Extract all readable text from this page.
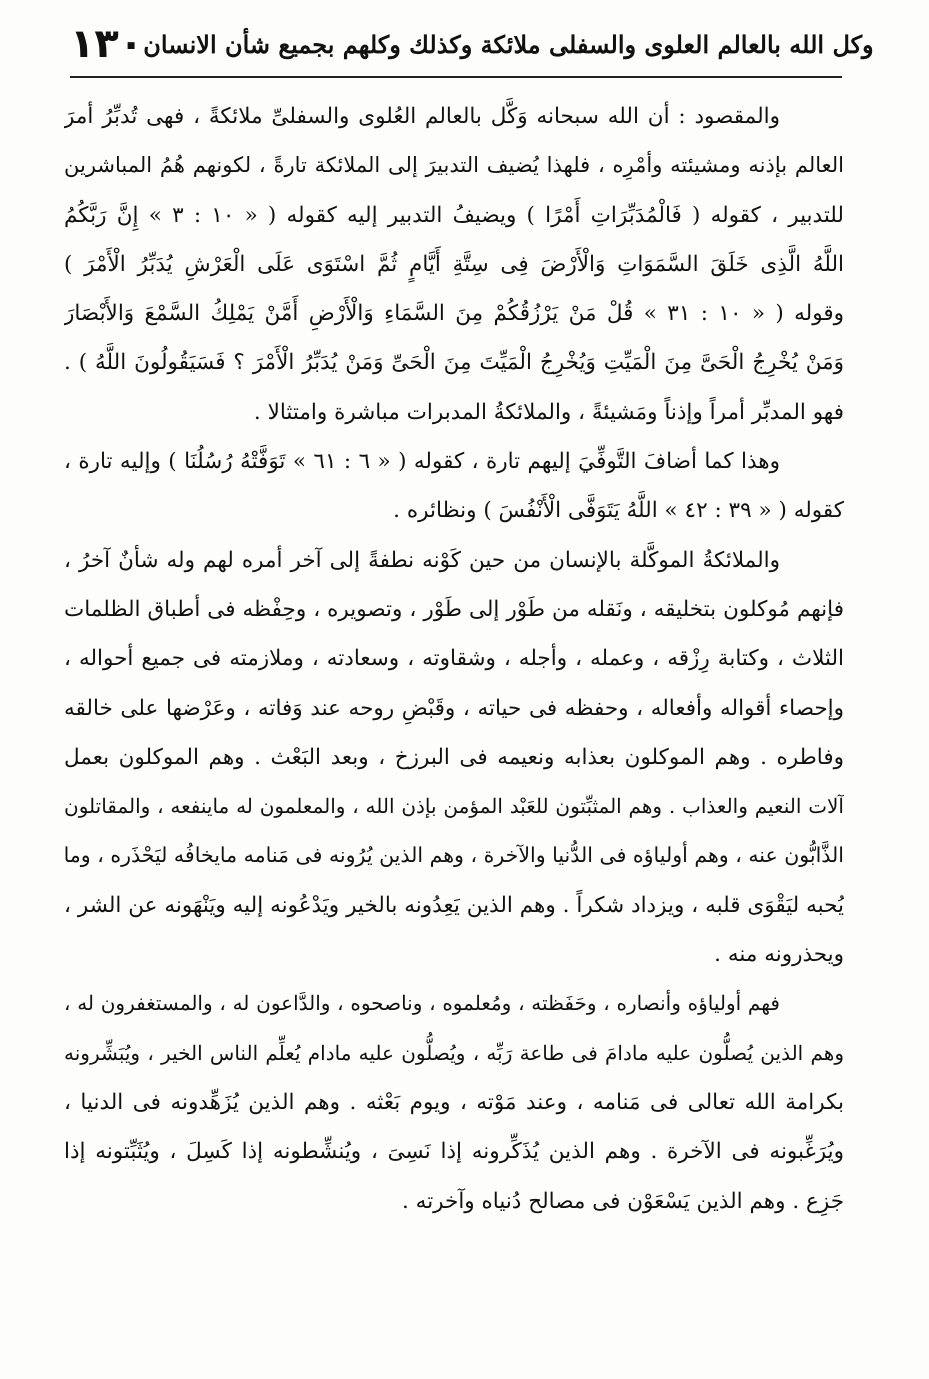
١٣٠ وكل الله بالعالم العلوى والسفلى ملائكة وكذلك وكلهم بجميع شأن الانسان
والمقصود : أن الله سبحانه وَكَّل بالعالم العُلوى والسفلىِّ ملائكةً ، فهى تُدبِّرُ أمرَ
العالم بإذنه ومشيئته وأمْرِه ، فلهذا يُضيف التدبيرَ إلى الملائكة تارةً ، لكونهم هُمُ المباشرين
للتدبير ، كقوله ( فَالْمُدَبِّرَاتِ أَمْرًا ) ويضيفُ التدبير إليه كقوله ( « ١٠ : ٣ » إِنَّ رَبَّكُمُ
اللَّهُ الَّذِى خَلَقَ السَّمَوَاتِ وَالْأَرْضَ فِى سِتَّةِ أَيَّامٍ ثُمَّ اسْتَوَى عَلَى الْعَرْشِ يُدَبِّرُ الْأَمْرَ )
وقوله ( « ١٠ : ٣١ » قُلْ مَنْ يَرْزُقُكُمْ مِنَ السَّمَاءِ وَالْأَرْضِ أَمَّنْ يَمْلِكُ السَّمْعَ وَالأَبْصَارَ
وَمَنْ يُخْرِجُ الْحَىَّ مِنَ الْمَيِّتِ وَيُخْرِجُ الْمَيِّتَ مِنَ الْحَىِّ وَمَنْ يُدَبِّرُ الْأَمْرَ ؟ فَسَيَقُولُونَ اللَّهُ ) .
فهو المدبِّر أمراً وإذناً ومَشيئةً ، والملائكةُ المدبرات مباشرة وامتثالا .
وهذا كما أضافَ التَّوفِّيَ إليهم تارة ، كقوله ( « ٦ : ٦١ » تَوَفَّتْهُ رُسُلُنَا ) وإليه تارة ،
كقوله ( « ٣٩ : ٤٢ » اللَّهُ يَتَوَفَّى الْأَنْفُسَ ) ونظائره .
والملائكةُ الموكَّلة بالإنسان من حين كَوْنه نطفةً إلى آخر أمره لهم وله شأنٌ آخرُ ،
فإنهم مُوكلون بتخليقه ، ونَقله من طَوْر إلى طَوْر ، وتصويره ، وحِفْظه فى أطباق الظلمات
الثلاث ، وكتابة رِزْقه ، وعمله ، وأجله ، وشقاوته ، وسعادته ، وملازمته فى جميع أحواله ،
وإحصاء أقواله وأفعاله ، وحفظه فى حياته ، وقَبْضِ روحه عند وَفاته ، وعَرْضها على خالقه
وفاطره . وهم الموكلون بعذابه ونعيمه فى البرزخ ، وبعد البَعْث . وهم الموكلون بعمل
آلات النعيم والعذاب . وهم المثبِّتون للعَبْد المؤمن بإذن الله ، والمعلمون له ماينفعه ، والمقاتلون
الذَّابُّون عنه ، وهم أولياؤه فى الدُّنيا والآخرة ، وهم الذين يُرُونه فى مَنامه مايخافُه ليَحْذَره ، وما
يُحبه ليَقْوَى قلبه ، ويزداد شكراً . وهم الذين يَعِدُونه بالخير ويَدْعُونه إليه ويَنْهَونه عن الشر ،
ويحذرونه منه .
فهم أولياؤه وأنصاره ، وحَفَظته ، ومُعلموه ، وناصحوه ، والدَّاعون له ، والمستغفرون له ،
وهم الذين يُصلُّون عليه مادامَ فى طاعة رَبِّه ، ويُصلُّون عليه مادام يُعلِّم الناس الخير ، ويُبَشِّرونه
بكرامة الله تعالى فى مَنامه ، وعند مَوْته ، ويوم بَعْثه . وهم الذين يُزَهِّدونه فى الدنيا ،
ويُرَغِّبونه فى الآخرة . وهم الذين يُذَكِّرونه إذا نَسِىَ ، ويُنشِّطونه إذا كَسِلَ ، ويُثَبِّتونه إذا
جَزِع . وهم الذين يَسْعَوْن فى مصالح دُنياه وآخرته .
